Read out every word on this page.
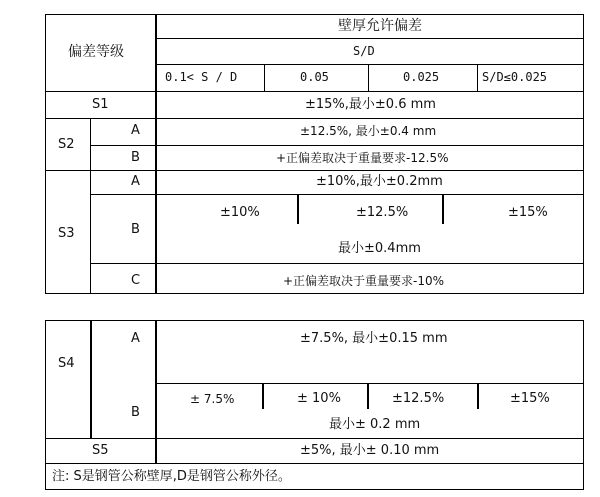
偏差等级
壁厚允许偏差
S/D
0.1< S / D	0.05	0.025	S/D≤0.025
S1	±15%,最小±0.6 mm
S2
A	±12.5%, 最小±0.4 mm
B	+正偏差取决于重量要求-12.5%
S3
A	±10%,最小±0.2mm
B
±10%	±12.5%	±15%
最小±0.4mm
C	+正偏差取决于重量要求-10%
S4
A	±7.5%, 最小±0.15 mm
B
± 7.5%	± 10%	±12.5%	±15%
最小± 0.2 mm
S5	±5%, 最小± 0.10 mm
注: S是钢管公称壁厚,D是钢管公称外径。
